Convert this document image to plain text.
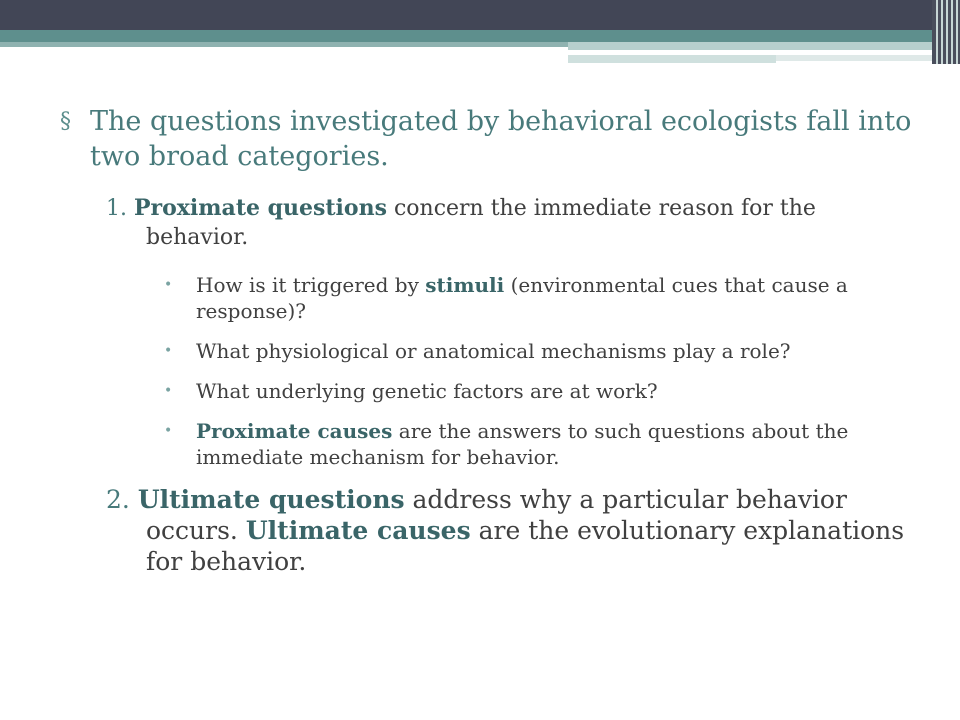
§ The questions investigated by behavioral ecologists fall into two broad categories.
1. Proximate questions concern the immediate reason for the behavior.
• How is it triggered by stimuli (environmental cues that cause a response)?
• What physiological or anatomical mechanisms play a role?
• What underlying genetic factors are at work?
• Proximate causes are the answers to such questions about the immediate mechanism for behavior.
2. Ultimate questions address why a particular behavior occurs. Ultimate causes are the evolutionary explanations for behavior.
